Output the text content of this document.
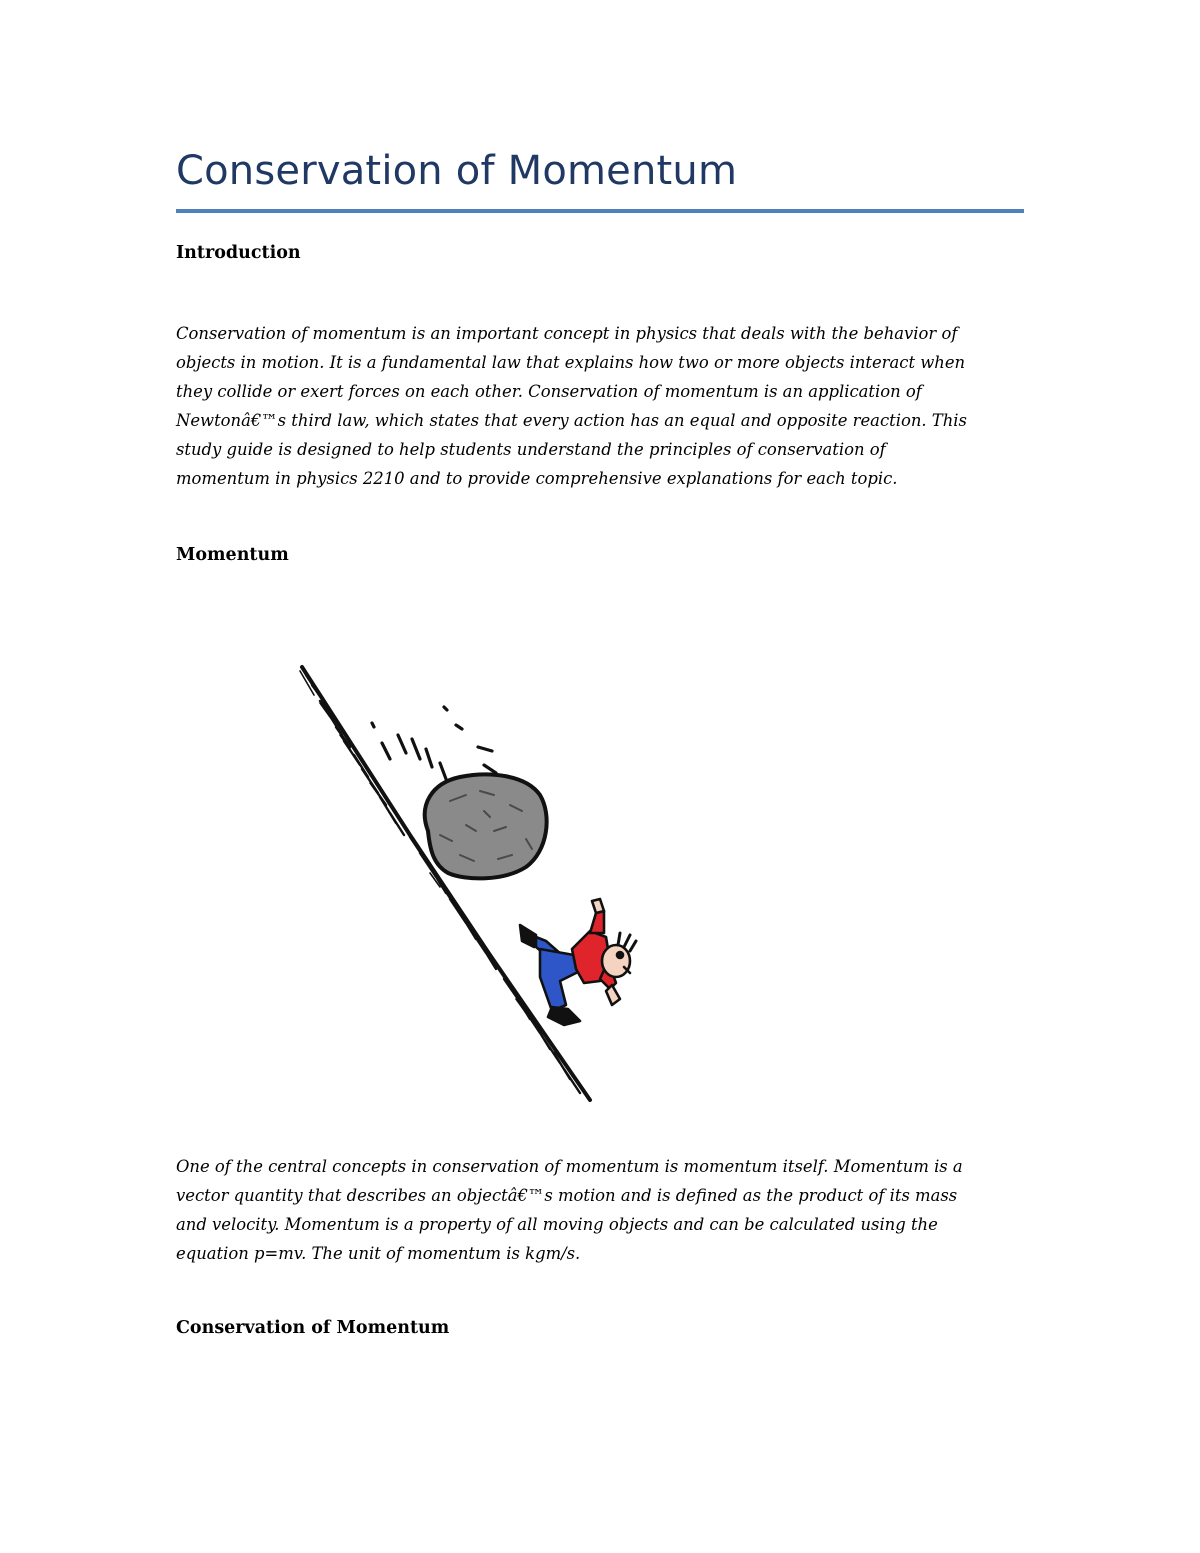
Conservation of Momentum
Introduction

Conservation of momentum is an important concept in physics that deals with the behavior of
objects in motion. It is a fundamental law that explains how two or more objects interact when
they collide or exert forces on each other. Conservation of momentum is an application of
Newtonâ€™s third law, which states that every action has an equal and opposite reaction. This
study guide is designed to help students understand the principles of conservation of
momentum in physics 2210 and to provide comprehensive explanations for each topic.

Momentum

One of the central concepts in conservation of momentum is momentum itself. Momentum is a
vector quantity that describes an objectâ€™s motion and is defined as the product of its mass
and velocity. Momentum is a property of all moving objects and can be calculated using the
equation p=mv. The unit of momentum is kgm/s.

Conservation of Momentum
